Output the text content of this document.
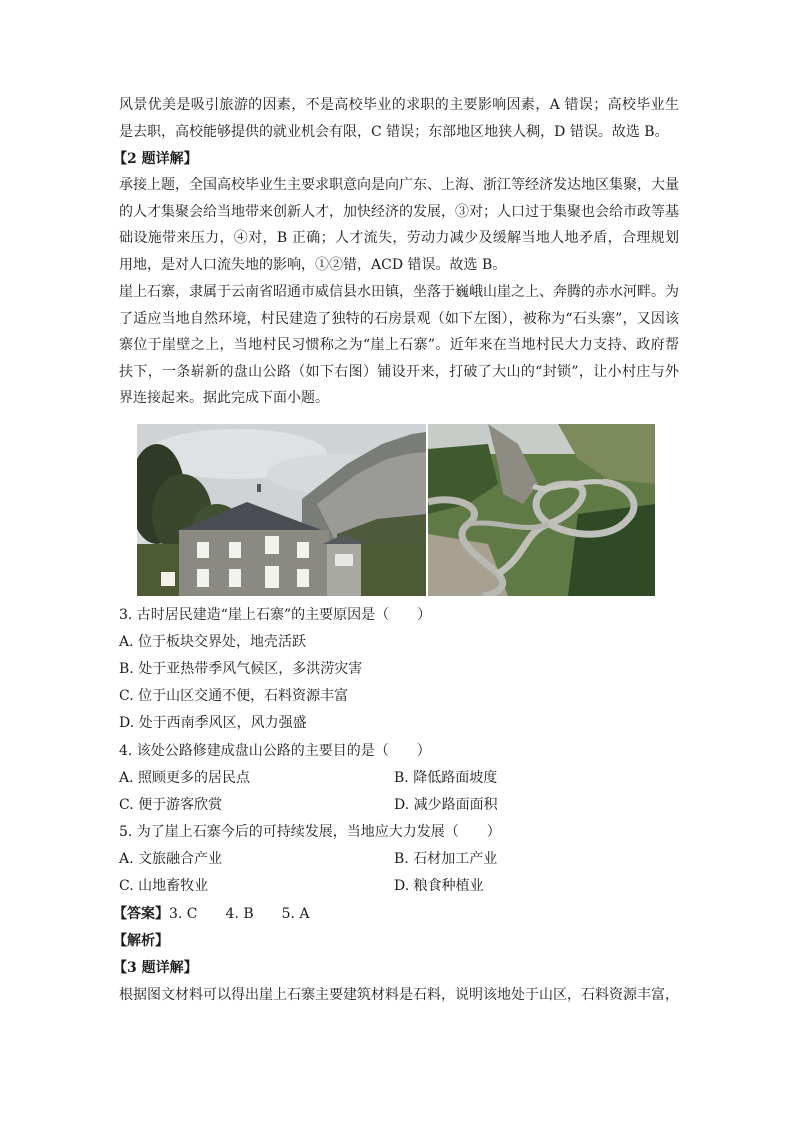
风景优美是吸引旅游的因素，不是高校毕业的求职的主要影响因素，A 错误；高校毕业生是去职，高校能够提供的就业机会有限，C 错误；东部地区地狭人稠，D 错误。故选 B。

【2 题详解】

承接上题，全国高校毕业生主要求职意向是向广东、上海、浙江等经济发达地区集聚，大量的人才集聚会给当地带来创新人才，加快经济的发展，③对；人口过于集聚也会给市政等基础设施带来压力，④对，B 正确；人才流失，劳动力减少及缓解当地人地矛盾，合理规划用地，是对人口流失地的影响，①②错，ACD 错误。故选 B。

崖上石寨，隶属于云南省昭通市威信县水田镇，坐落于巍峨山崖之上、奔腾的赤水河畔。为了适应当地自然环境，村民建造了独特的石房景观（如下左图），被称为“石头寨”，又因该寨位于崖壁之上，当地村民习惯称之为“崖上石寨”。近年来在当地村民大力支持、政府帮扶下，一条崭新的盘山公路（如下右图）铺设开来，打破了大山的“封锁”，让小村庄与外界连接起来。据此完成下面小题。

3. 古时居民建造“崖上石寨”的主要原因是（　　）

A. 位于板块交界处，地壳活跃

B. 处于亚热带季风气候区，多洪涝灾害

C. 位于山区交通不便，石料资源丰富

D. 处于西南季风区，风力强盛

4. 该处公路修建成盘山公路的主要目的是（　　）

A. 照顾更多的居民点	B. 降低路面坡度

C. 便于游客欣赏	D. 减少路面面积

5. 为了崖上石寨今后的可持续发展，当地应大力发展（　　）

A. 文旅融合产业	B. 石材加工产业

C. 山地畜牧业	D. 粮食种植业

【答案】3. C　　4. B　　5. A

【解析】

【3 题详解】

根据图文材料可以得出崖上石寨主要建筑材料是石料，说明该地处于山区，石料资源丰富，
